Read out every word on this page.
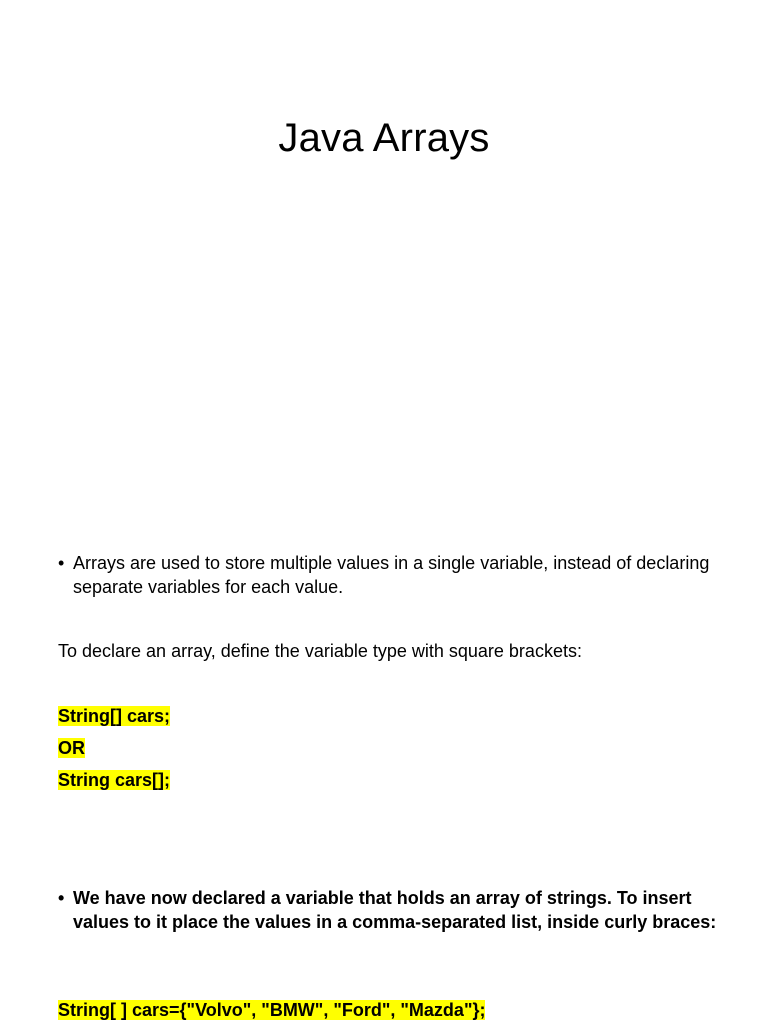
Java Arrays
• Arrays are used to store multiple values in a single variable, instead of declaring separate variables for each value.
To declare an array, define the variable type with square brackets:
String[] cars;
OR
String cars[];
• We have now declared a variable that holds an array of strings. To insert values to it place the values in a comma-separated list, inside curly braces:
String[ ] cars={"Volvo", "BMW", "Ford", "Mazda"};
